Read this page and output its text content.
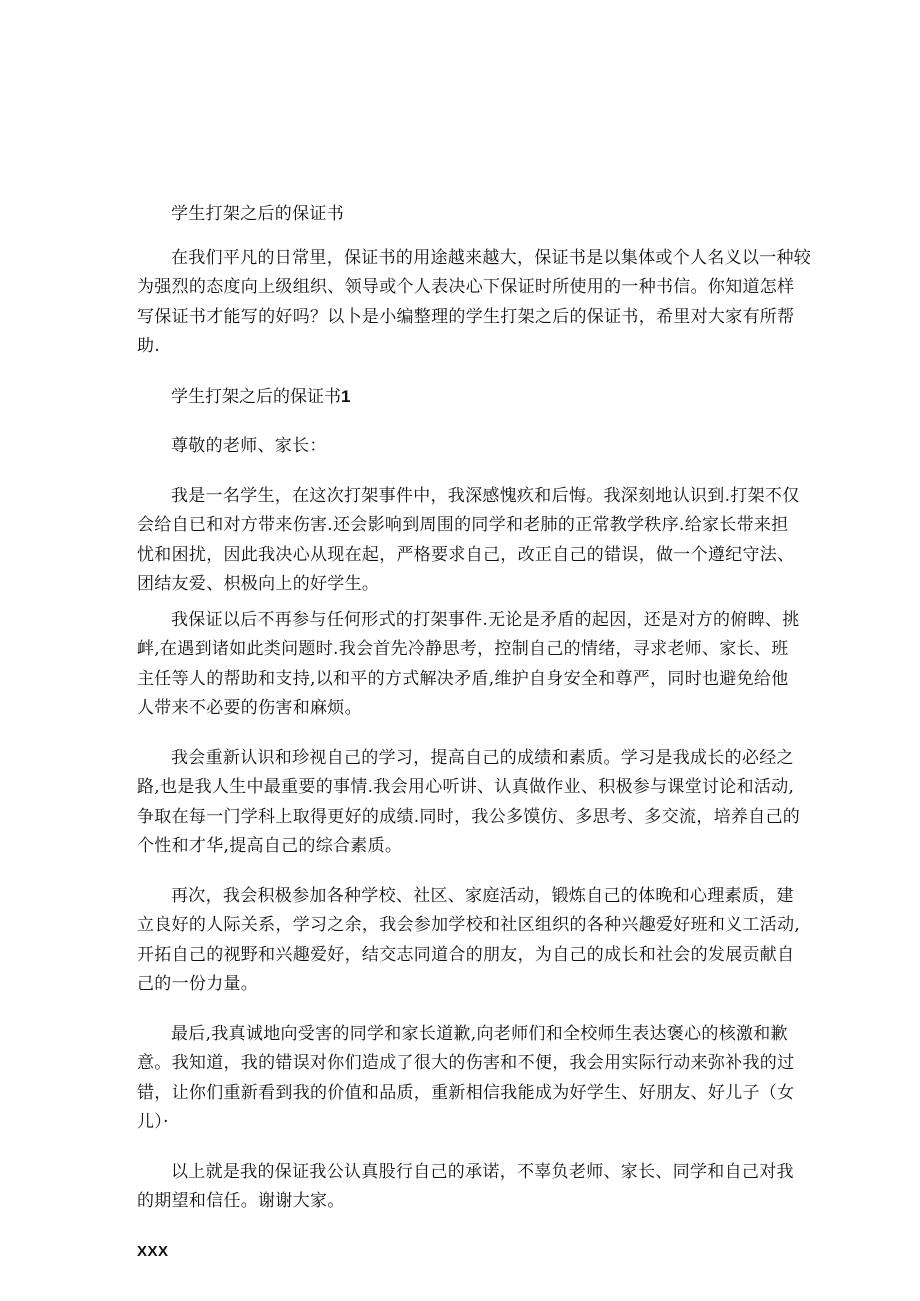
学生打架之后的保证书

在我们平凡的日常里，保证书的用途越来越大，保证书是以集体或个人名义以一种较

为强烈的态度向上级组织、领导或个人表决心下保证时所使用的一种书信。你知道怎样

写保证书才能写的好吗？以卜是小编整理的学生打架之后的保证书，希里对大家有所帮

助.

学生打架之后的保证书1

尊敬的老师、家长：

我是一名学生，在这次打架事件中，我深感愧疚和后悔。我深刻地认识到.打架不仅

会给自已和对方带来伤害.还会影响到周围的同学和老肺的正常教学秩序.给家长带来担

忧和困扰，因此我决心从现在起，严格要求自己，改正自己的错误，做一个遵纪守法、

团结友爱、枳极向上的好学生。

我保证以后不再参与任何形式的打架事件.无论是矛盾的起因，还是对方的俯睥、挑

衅,在遇到诸如此类问题时.我会首先冷静思考，控制自己的情绪，寻求老师、家长、班

主任等人的帮助和支持,以和平的方式解决矛盾,维护自身安全和尊严，同时也避免给他

人带来不必要的伤害和麻烦。

我会重新认识和珍视自己的学习，提高自己的成绩和素质。学习是我成长的必经之

路,也是我人生中最重要的事情.我会用心听讲、认真做作业、积极参与课堂讨论和活动,

争取在每一门学科上取得更好的成绩.同时，我公多馍仿、多思考、多交流，培养自己的

个性和才华,提高自己的综合素质。

再次，我会积极参加各种学校、社区、家庭活动，锻炼自己的体晚和心理素质，建

立良好的人际关系，学习之余，我会参加学校和社区组织的各种兴趣爱好班和义工活动,

开拓自己的视野和兴趣爱好，结交志同道合的朋友，为自己的成长和社会的发展贡献自

己的一份力量。

最后,我真诚地向受害的同学和家长道歉,向老师们和全校师生表达褒心的核激和歉

意。我知道，我的错误对你们造成了很大的伤害和不便，我会用实际行动来弥补我的过

错，让你们重新看到我的价值和品质，重新相信我能成为好学生、好朋友、好儿子（女

儿）·

以上就是我的保证我公认真股行自己的承诺，不辜负老师、家长、同学和自己对我

的期望和信任。谢谢大家。

XXX
